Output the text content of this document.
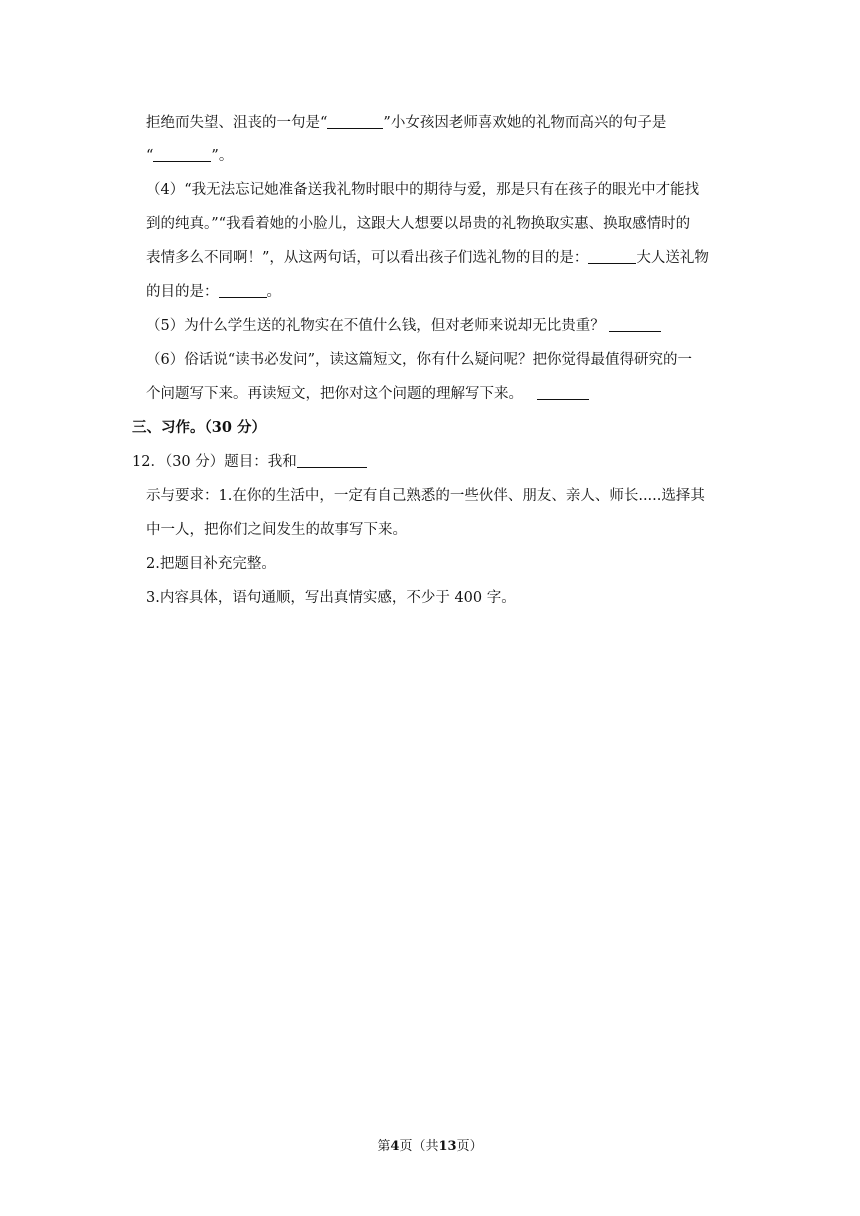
拒绝而失望、沮丧的一句是“	”小女孩因老师喜欢她的礼物而高兴的句子是
“	”。
（4）“我无法忘记她准备送我礼物时眼中的期待与爱，那是只有在孩子的眼光中才能找
到的纯真。”“我看着她的小脸儿，这跟大人想要以昂贵的礼物换取实惠、换取感情时的
表情多么不同啊！”，从这两句话，可以看出孩子们选礼物的目的是：	大人送礼物
的目的是：	。
（5）为什么学生送的礼物实在不值什么钱，但对老师来说却无比贵重？
（6）俗话说“读书必发问”，读这篇短文，你有什么疑问呢？把你觉得最值得研究的一
个问题写下来。再读短文，把你对这个问题的理解写下来。
三、习作。（30 分）
12．（30 分）题目：我和
示与要求：1.在你的生活中，一定有自己熟悉的一些伙伴、朋友、亲人、师长.....选择其
中一人，把你们之间发生的故事写下来。
2.把题目补充完整。
3.内容具体，语句通顺，写出真情实感，不少于 400 字。
第4页（共13页）
